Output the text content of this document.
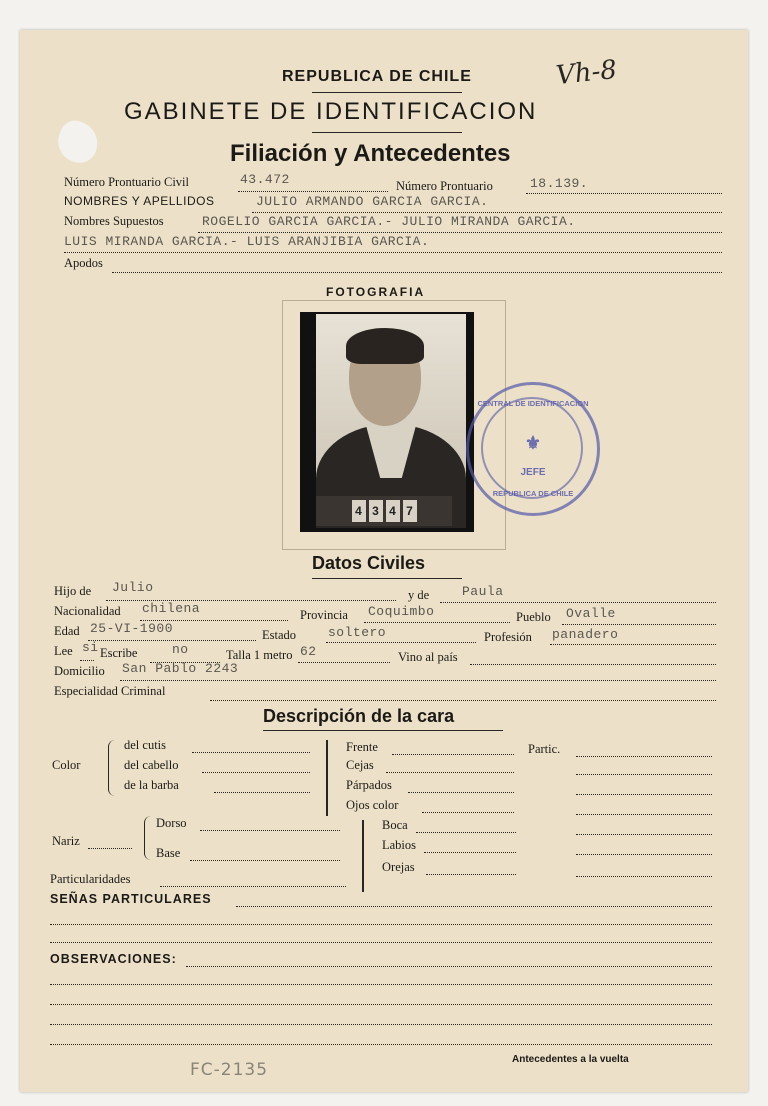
Vh-8
REPUBLICA DE CHILE
GABINETE DE IDENTIFICACION
Filiación y Antecedentes
Número Prontuario Civil	43.472	Número Prontuario	18.139.
NOMBRES Y APELLIDOS	JULIO ARMANDO GARCIA GARCIA.
Nombres Supuestos	ROGELIO GARCIA GARCIA.- JULIO MIRANDA GARCIA.
LUIS MIRANDA GARCIA.- LUIS ARANJIBIA GARCIA.
Apodos
FOTOGRAFIA
4 3 4 7
CENTRAL DE IDENTIFICACION
⚜
JEFE
REPUBLICA DE CHILE
Datos Civiles
Hijo de Julio	y de	Paula
Nacionalidad chilena	Provincia Coquimbo	Pueblo Ovalle
Edad 25-VI-1900	Estado soltero	Profesión panadero
Lee si Escribe	no	Talla 1 metro 62	Vino al país
Domicilio San Pablo 2243
Especialidad Criminal
Descripción de la cara
Color
del cutis
del cabello
de la barba
Frente	Partic.
Cejas
Párpados
Ojos color
Nariz
Dorso
Base
Boca
Labios
Orejas
Particularidades
SEÑAS PARTICULARES
OBSERVACIONES:
Antecedentes a la vuelta
FC-2135
